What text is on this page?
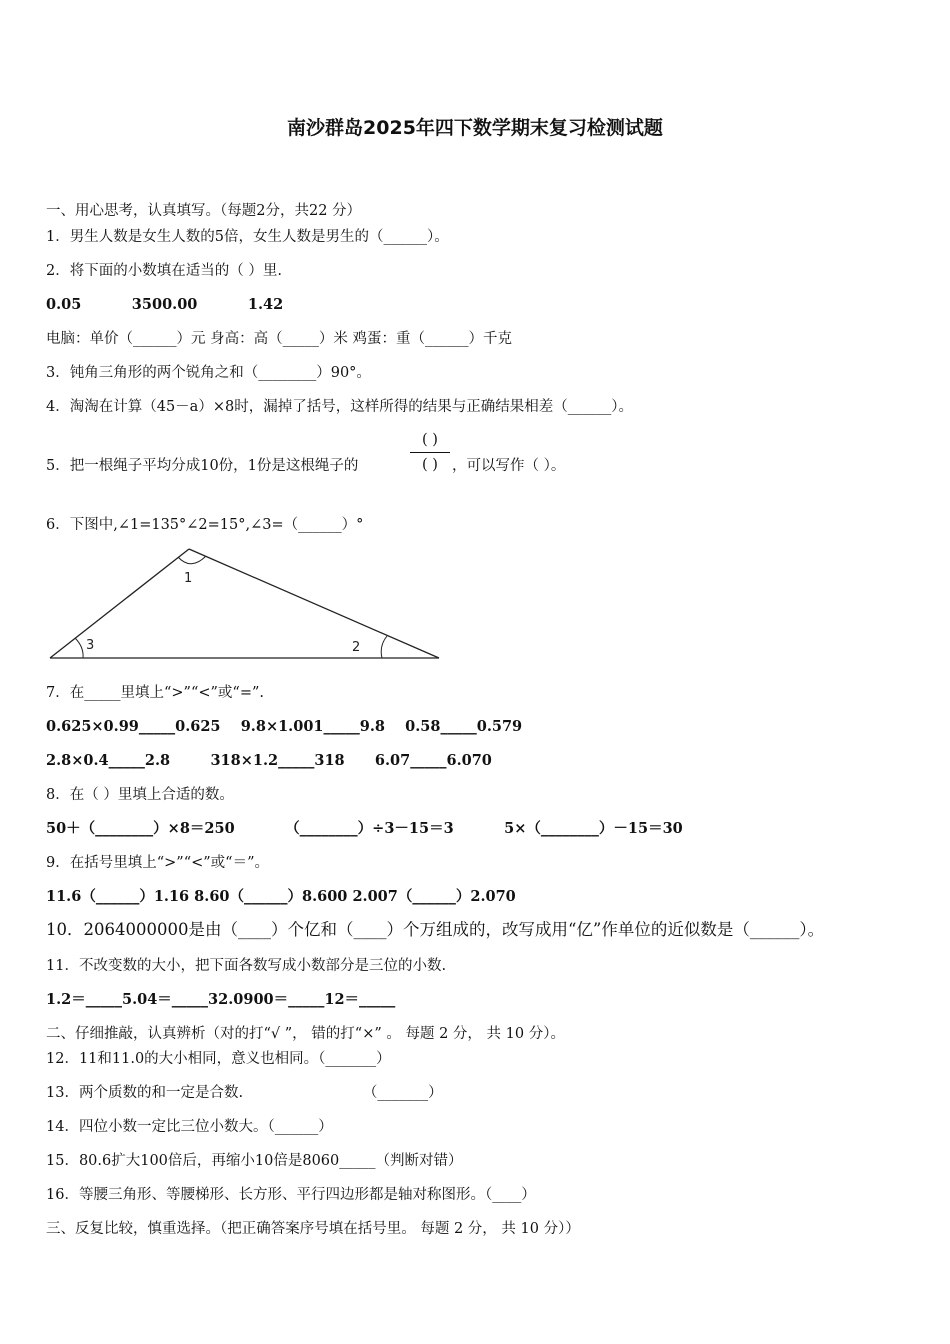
南沙群岛2025年四下数学期末复习检测试题
一、用心思考，认真填写。（每题2分，共22 分）
1．男生人数是女生人数的5倍，女生人数是男生的（______）。
2．将下面的小数填在适当的（ ）里.
0.05          3500.00          1.42
电脑：单价（______）元 身高：高（_____）米 鸡蛋：重（______）千克
3．钝角三角形的两个锐角之和（________）90°。
4．淘淘在计算（45－a）×8时，漏掉了括号，这样所得的结果与正确结果相差（______）。
5．把一根绳子平均分成10份，1份是这根绳子的
( )
( ) ，可以写作（ ）。
6．下图中,∠1=135°∠2=15°,∠3=（______）°
1
3	2
7．在_____里填上“>”“<”或“=”.
0.625×0.99_____0.625    9.8×1.001_____9.8    0.58_____0.579
2.8×0.4_____2.8        318×1.2_____318      6.07_____6.070
8．在（ ）里填上合适的数。
50＋（________）×8＝250          （________）÷3－15＝3          5×（________）－15＝30
9．在括号里填上“>”“<”或“＝”。
11.6（______）1.16 8.60（______）8.600 2.007（______）2.070
10．2064000000是由（____）个亿和（____）个万组成的，改写成用“亿”作单位的近似数是（______）。
11．不改变数的大小，把下面各数写成小数部分是三位的小数.
1.2＝_____5.04＝_____32.0900＝_____12＝_____
二、仔细推敲，认真辨析（对的打“√ ”， 错的打“×” 。 每题 2 分， 共 10 分）。
12．11和11.0的大小相同，意义也相同。（_______）
13．两个质数的和一定是合数.                          （_______）
14．四位小数一定比三位小数大。（______）
15．80.6扩大100倍后，再缩小10倍是8060_____（判断对错）
16．等腰三角形、等腰梯形、长方形、平行四边形都是轴对称图形。（____）
三、反复比较，慎重选择。（把正确答案序号填在括号里。 每题 2 分， 共 10 分））
